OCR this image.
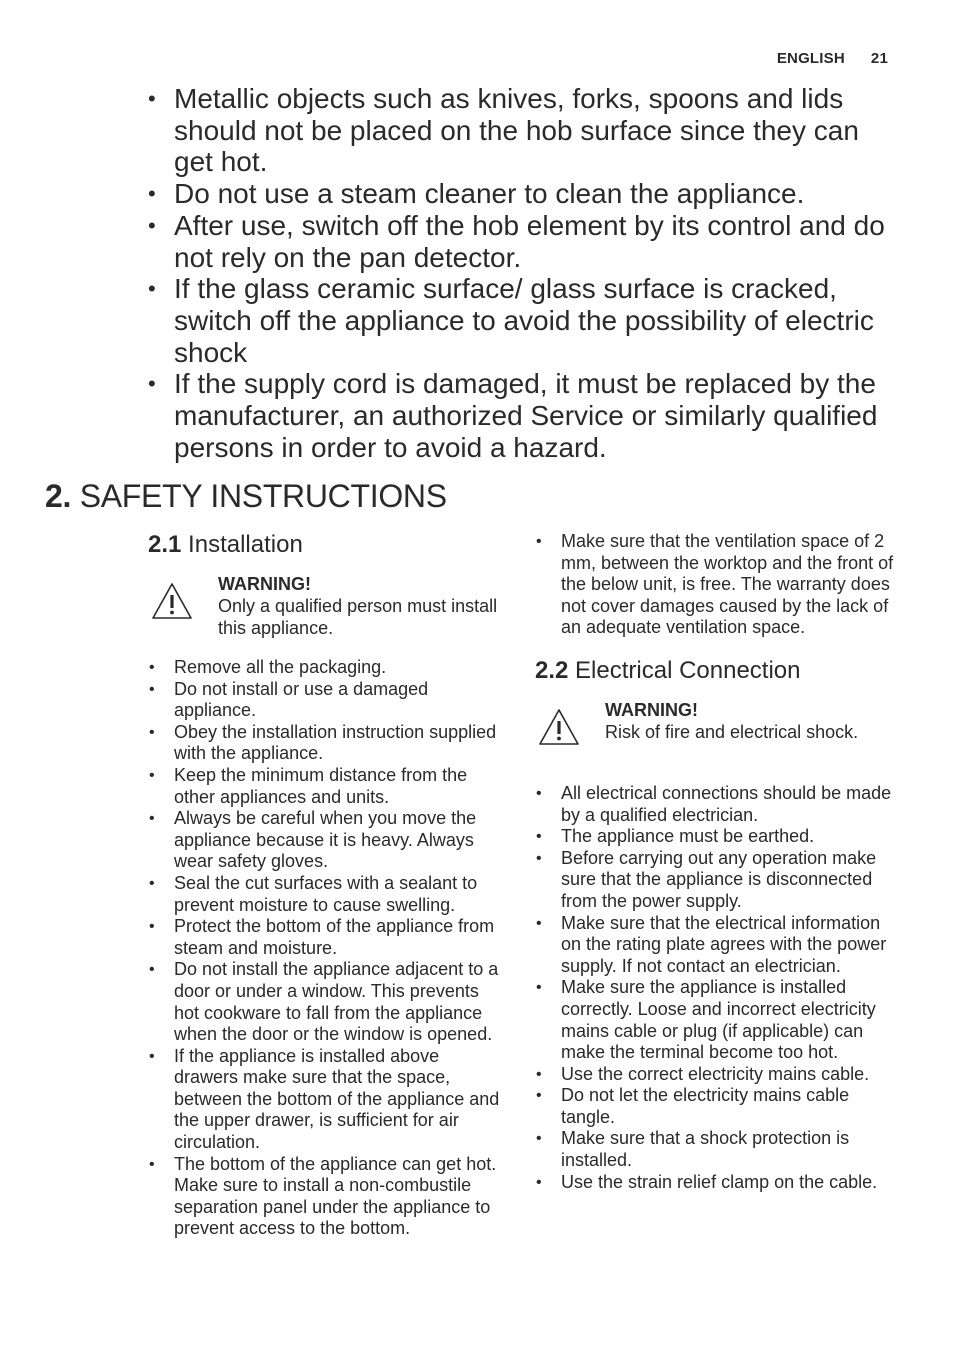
ENGLISH 21
• Metallic objects such as knives, forks, spoons and lids should not be placed on the hob surface since they can get hot.
• Do not use a steam cleaner to clean the appliance.
• After use, switch off the hob element by its control and do not rely on the pan detector.
• If the glass ceramic surface/ glass surface is cracked, switch off the appliance to avoid the possibility of electric shock
• If the supply cord is damaged, it must be replaced by the manufacturer, an authorized Service or similarly qualified persons in order to avoid a hazard.
2. SAFETY INSTRUCTIONS
2.1 Installation
WARNING!
Only a qualified person must install this appliance.
• Remove all the packaging.
• Do not install or use a damaged appliance.
• Obey the installation instruction supplied with the appliance.
• Keep the minimum distance from the other appliances and units.
• Always be careful when you move the appliance because it is heavy. Always wear safety gloves.
• Seal the cut surfaces with a sealant to prevent moisture to cause swelling.
• Protect the bottom of the appliance from steam and moisture.
• Do not install the appliance adjacent to a door or under a window. This prevents hot cookware to fall from the appliance when the door or the window is opened.
• If the appliance is installed above drawers make sure that the space, between the bottom of the appliance and the upper drawer, is sufficient for air circulation.
• The bottom of the appliance can get hot. Make sure to install a non-combustile separation panel under the appliance to prevent access to the bottom.
• Make sure that the ventilation space of 2 mm, between the worktop and the front of the below unit, is free. The warranty does not cover damages caused by the lack of an adequate ventilation space.
2.2 Electrical Connection
WARNING!
Risk of fire and electrical shock.
• All electrical connections should be made by a qualified electrician.
• The appliance must be earthed.
• Before carrying out any operation make sure that the appliance is disconnected from the power supply.
• Make sure that the electrical information on the rating plate agrees with the power supply. If not contact an electrician.
• Make sure the appliance is installed correctly. Loose and incorrect electricity mains cable or plug (if applicable) can make the terminal become too hot.
• Use the correct electricity mains cable.
• Do not let the electricity mains cable tangle.
• Make sure that a shock protection is installed.
• Use the strain relief clamp on the cable.
